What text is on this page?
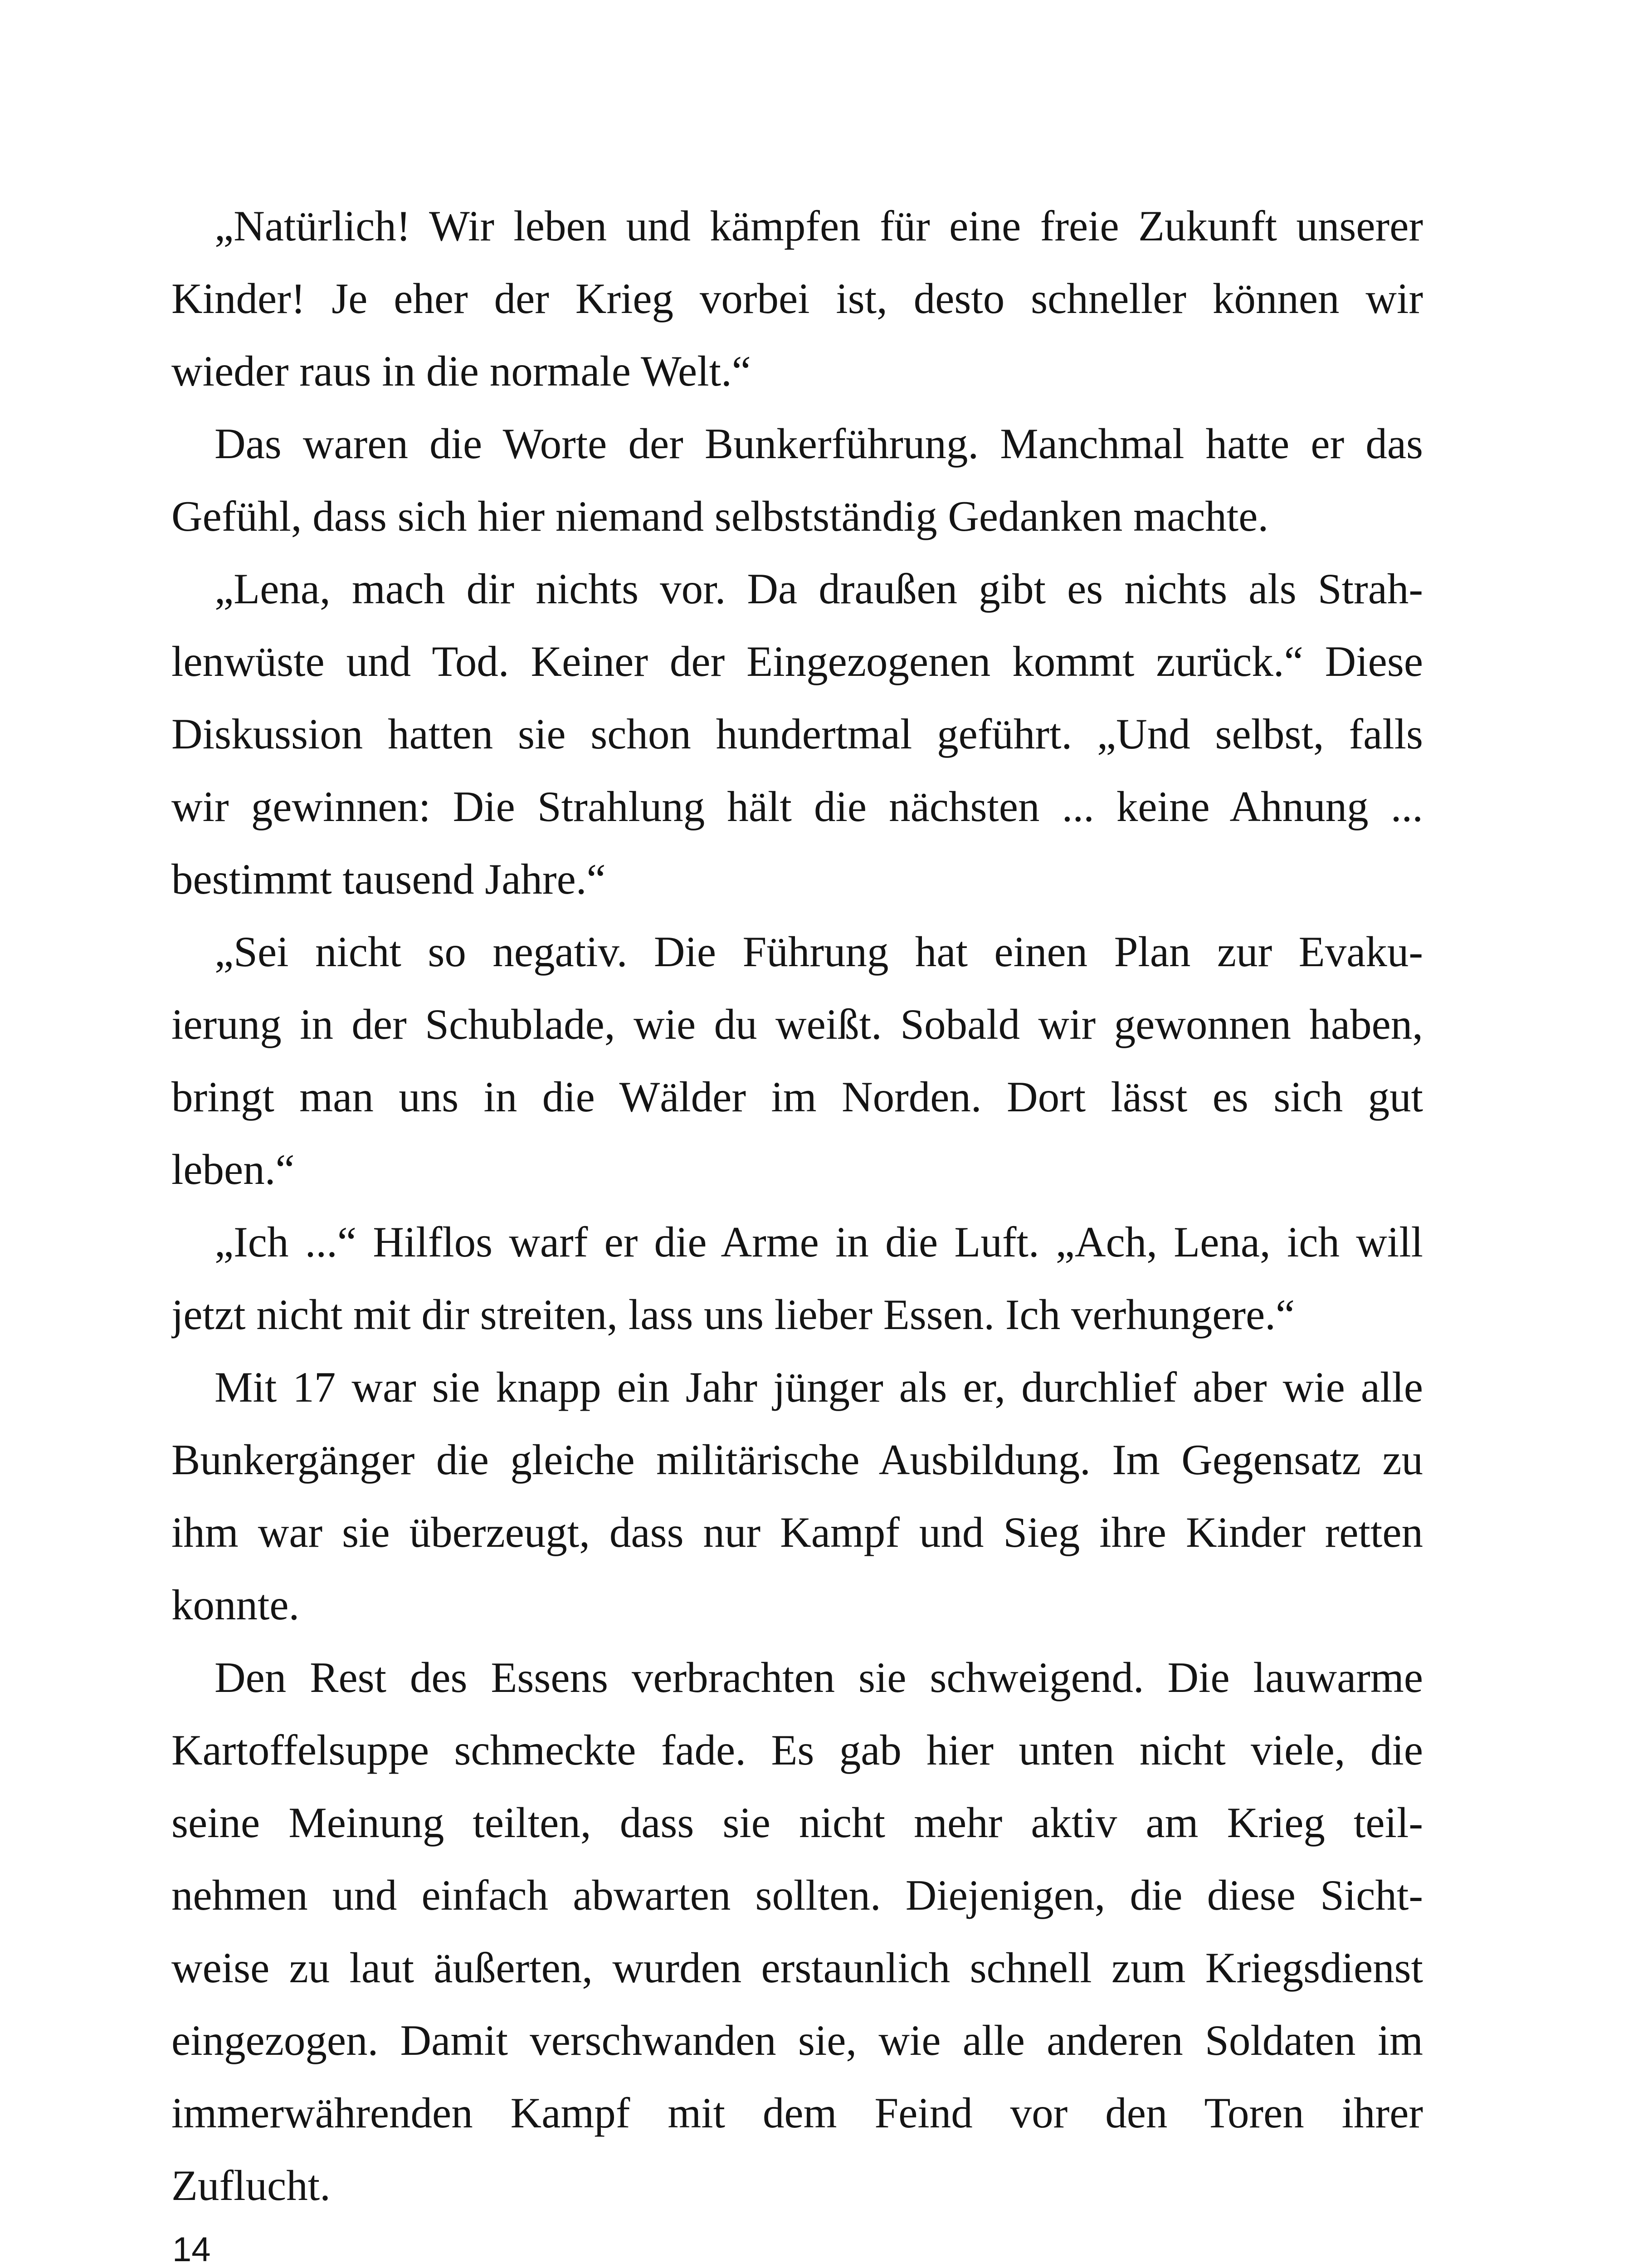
„Natürlich! Wir leben und kämpfen für eine freie Zukunft unserer
Kinder! Je eher der Krieg vorbei ist, desto schneller können wir
wieder raus in die normale Welt.“
Das waren die Worte der Bunkerführung. Manchmal hatte er das
Gefühl, dass sich hier niemand selbstständig Gedanken machte.
„Lena, mach dir nichts vor. Da draußen gibt es nichts als Strah-
lenwüste und Tod. Keiner der Eingezogenen kommt zurück.“ Diese
Diskussion hatten sie schon hundertmal geführt. „Und selbst, falls
wir gewinnen: Die Strahlung hält die nächsten ... keine Ahnung ...
bestimmt tausend Jahre.“
„Sei nicht so negativ. Die Führung hat einen Plan zur Evaku-
ierung in der Schublade, wie du weißt. Sobald wir gewonnen haben,
bringt man uns in die Wälder im Norden. Dort lässt es sich gut
leben.“
„Ich ...“ Hilflos warf er die Arme in die Luft. „Ach, Lena, ich will
jetzt nicht mit dir streiten, lass uns lieber Essen. Ich verhungere.“
Mit 17 war sie knapp ein Jahr jünger als er, durchlief aber wie alle
Bunkergänger die gleiche militärische Ausbildung. Im Gegensatz zu
ihm war sie überzeugt, dass nur Kampf und Sieg ihre Kinder retten
konnte.
Den Rest des Essens verbrachten sie schweigend. Die lauwarme
Kartoffelsuppe schmeckte fade. Es gab hier unten nicht viele, die
seine Meinung teilten, dass sie nicht mehr aktiv am Krieg teil-
nehmen und einfach abwarten sollten. Diejenigen, die diese Sicht-
weise zu laut äußerten, wurden erstaunlich schnell zum Kriegsdienst
eingezogen. Damit verschwanden sie, wie alle anderen Soldaten im
immerwährenden Kampf mit dem Feind vor den Toren ihrer
Zuflucht.
14
